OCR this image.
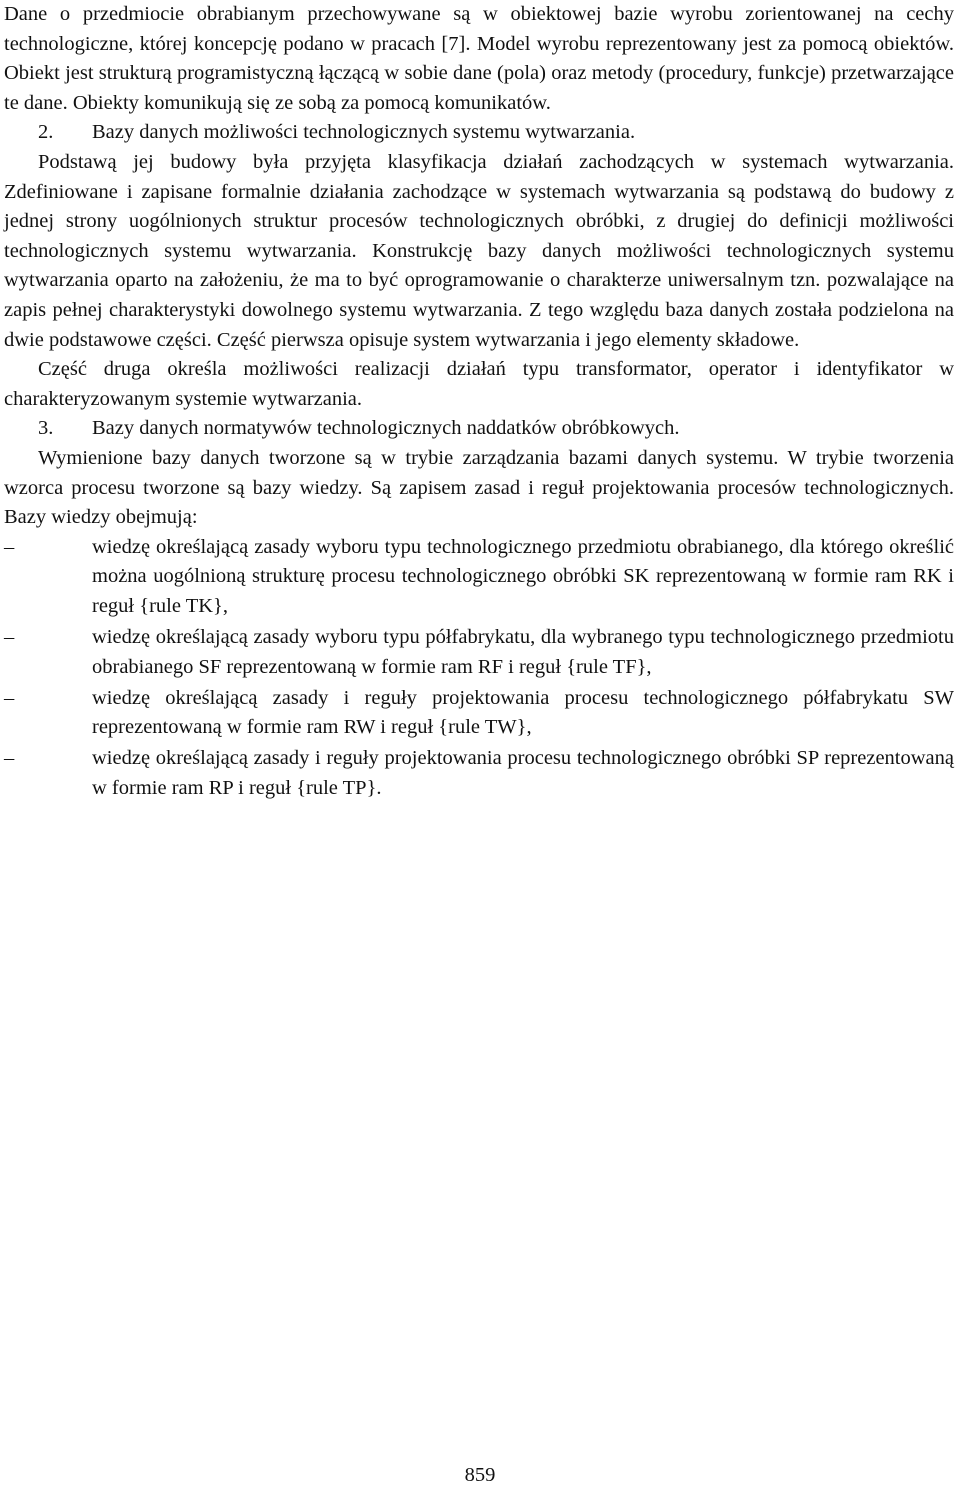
Dane o przedmiocie obrabianym przechowywane są w obiektowej bazie wyrobu zorientowanej na cechy technologiczne, której koncepcję podano w pracach [7]. Model wyrobu reprezentowany jest za pomocą obiektów. Obiekt jest strukturą programistyczną łączącą w sobie dane (pola) oraz metody (procedury, funkcje) przetwarzające te dane. Obiekty komunikują się ze sobą za pomocą komunikatów.

2. Bazy danych możliwości technologicznych systemu wytwarzania.

Podstawą jej budowy była przyjęta klasyfikacja działań zachodzących w systemach wytwarzania. Zdefiniowane i zapisane formalnie działania zachodzące w systemach wytwarzania są podstawą do budowy z jednej strony uogólnionych struktur procesów technologicznych obróbki, z drugiej do definicji możliwości technologicznych systemu wytwarzania. Konstrukcję bazy danych możliwości technologicznych systemu wytwarzania oparto na założeniu, że ma to być oprogramowanie o charakterze uniwersalnym tzn. pozwalające na zapis pełnej charakterystyki dowolnego systemu wytwarzania. Z tego względu baza danych została podzielona na dwie podstawowe części. Część pierwsza opisuje system wytwarzania i jego elementy składowe.

Część druga określa możliwości realizacji działań typu transformator, operator i identyfikator w charakteryzowanym systemie wytwarzania.

3. Bazy danych normatywów technologicznych naddatków obróbkowych.

Wymienione bazy danych tworzone są w trybie zarządzania bazami danych systemu. W trybie tworzenia wzorca procesu tworzone są bazy wiedzy. Są zapisem zasad i reguł projektowania procesów technologicznych. Bazy wiedzy obejmują:

–	wiedzę określającą zasady wyboru typu technologicznego przedmiotu obrabianego, dla którego określić można uogólnioną strukturę procesu technologicznego obróbki SK reprezentowaną w formie ram RK i reguł {rule TK},
–	wiedzę określającą zasady wyboru typu półfabrykatu, dla wybranego typu technologicznego przedmiotu obrabianego SF reprezentowaną w formie ram RF i reguł {rule TF},
–	wiedzę określającą zasady i reguły projektowania procesu technologicznego półfabrykatu SW reprezentowaną w formie ram RW i reguł {rule TW},
–	wiedzę określającą zasady i reguły projektowania procesu technologicznego obróbki SP reprezentowaną w formie ram RP i reguł {rule TP}.
859
